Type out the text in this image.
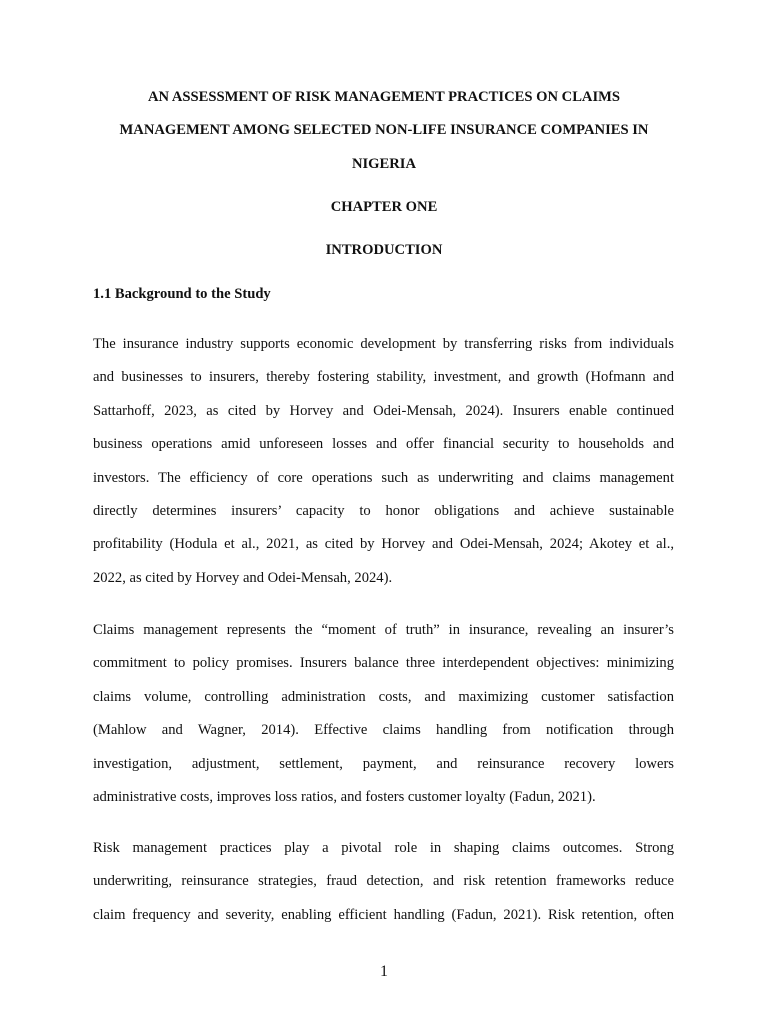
AN ASSESSMENT OF RISK MANAGEMENT PRACTICES ON CLAIMS
MANAGEMENT AMONG SELECTED NON-LIFE INSURANCE COMPANIES IN
NIGERIA
CHAPTER ONE
INTRODUCTION
1.1 Background to the Study
The insurance industry supports economic development by transferring risks from individuals
and businesses to insurers, thereby fostering stability, investment, and growth (Hofmann and
Sattarhoff, 2023, as cited by Horvey and Odei-Mensah, 2024). Insurers enable continued
business operations amid unforeseen losses and offer financial security to households and
investors. The efficiency of core operations such as underwriting and claims management
directly determines insurers’ capacity to honor obligations and achieve sustainable
profitability (Hodula et al., 2021, as cited by Horvey and Odei-Mensah, 2024; Akotey et al.,
2022, as cited by Horvey and Odei-Mensah, 2024).
Claims management represents the “moment of truth” in insurance, revealing an insurer’s
commitment to policy promises. Insurers balance three interdependent objectives: minimizing
claims volume, controlling administration costs, and maximizing customer satisfaction
(Mahlow and Wagner, 2014). Effective claims handling from notification through
investigation, adjustment, settlement, payment, and reinsurance recovery lowers
administrative costs, improves loss ratios, and fosters customer loyalty (Fadun, 2021).
Risk management practices play a pivotal role in shaping claims outcomes. Strong
underwriting, reinsurance strategies, fraud detection, and risk retention frameworks reduce
claim frequency and severity, enabling efficient handling (Fadun, 2021). Risk retention, often
1
